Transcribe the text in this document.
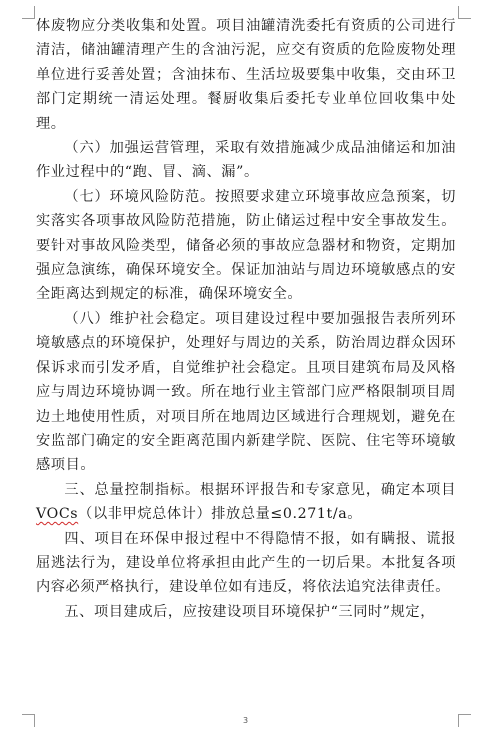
体废物应分类收集和处置。项目油罐清洗委托有资质的公司进行清洁，储油罐清理产生的含油污泥，应交有资质的危险废物处理单位进行妥善处置；含油抹布、生活垃圾要集中收集，交由环卫部门定期统一清运处理。餐厨收集后委托专业单位回收集中处理。

（六）加强运营管理，采取有效措施减少成品油储运和加油作业过程中的“跑、冒、滴、漏”。

（七）环境风险防范。按照要求建立环境事故应急预案，切实落实各项事故风险防范措施，防止储运过程中安全事故发生。要针对事故风险类型，储备必须的事故应急器材和物资，定期加强应急演练，确保环境安全。保证加油站与周边环境敏感点的安全距离达到规定的标准，确保环境安全。

（八）维护社会稳定。项目建设过程中要加强报告表所列环境敏感点的环境保护，处理好与周边的关系，防治周边群众因环保诉求而引发矛盾，自觉维护社会稳定。且项目建筑布局及风格应与周边环境协调一致。所在地行业主管部门应严格限制项目周边土地使用性质，对项目所在地周边区域进行合理规划，避免在安监部门确定的安全距离范围内新建学院、医院、住宅等环境敏感项目。

三、总量控制指标。根据环评报告和专家意见，确定本项目VOCs（以非甲烷总体计）排放总量≤0.271t/a。

四、项目在环保申报过程中不得隐情不报，如有瞒报、谎报屈逃法行为，建设单位将承担由此产生的一切后果。本批复各项内容必须严格执行，建设单位如有违反，将依法追究法律责任。

五、项目建成后，应按建设项目环境保护“三同时”规定，

3
